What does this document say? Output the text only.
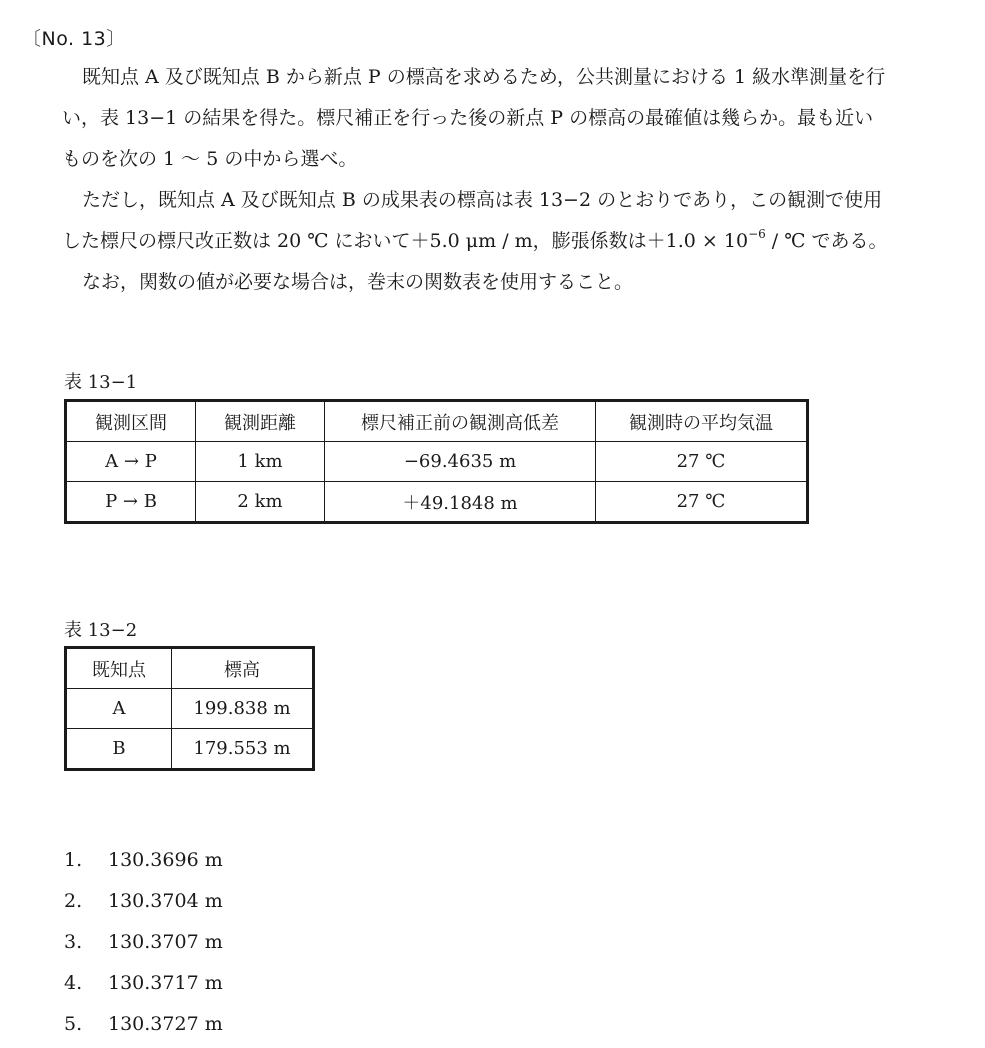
〔No. 13〕
既知点 A 及び既知点 B から新点 P の標高を求めるため，公共測量における 1 級水準測量を行
い，表 13−1 の結果を得た。標尺補正を行った後の新点 P の標高の最確値は幾らか。最も近い
ものを次の 1 〜 5 の中から選べ。
ただし，既知点 A 及び既知点 B の成果表の標高は表 13−2 のとおりであり，この観測で使用
した標尺の標尺改正数は 20 ℃ において＋5.0 μm / m，膨張係数は$+1.0 \times 10^{-6}$ / ℃ である。
なお，関数の値が必要な場合は，巻末の関数表を使用すること。
表 13−1
観測区間	観測距離	標尺補正前の観測高低差	観測時の平均気温
A → P	1 km	−69.4635 m	27 ℃
P → B	2 km	＋49.1848 m	27 ℃
表 13−2
既知点	標高
A	199.838 m
B	179.553 m
1. 130.3696 m
2. 130.3704 m
3. 130.3707 m
4. 130.3717 m
5. 130.3727 m
